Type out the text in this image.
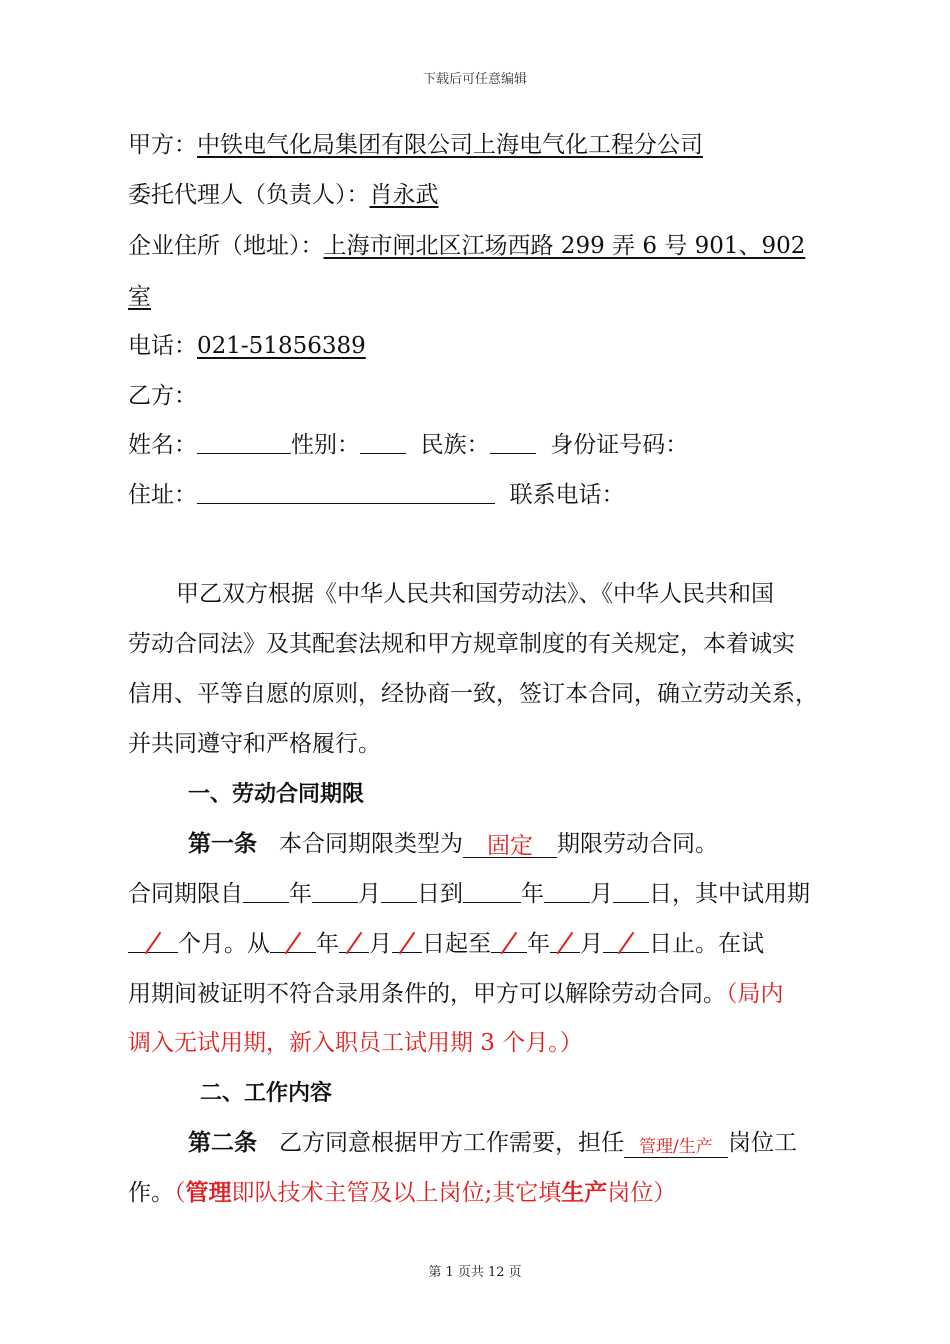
下载后可任意编辑
甲方：中铁电气化局集团有限公司上海电气化工程分公司
委托代理人（负责人）：肖永武
企业住所（地址）：上海市闸北区江场西路 299 弄 6 号 901、902
室
电话：021-51856389
乙方：
姓名：	性别：	民族：	身份证号码：
住址：	联系电话：
甲乙双方根据《中华人民共和国劳动法》、《中华人民共和国
劳动合同法》及其配套法规和甲方规章制度的有关规定，本着诚实
信用、平等自愿的原则，经协商一致，签订本合同，确立劳动关系，
并共同遵守和严格履行。
一、劳动合同期限
第一条 本合同期限类型为 固定 期限劳动合同。
合同期限自 年 月 日到	年 月 日，其中试用期
个月。从 年 月 日起至 年 月 日止。在试
用期间被证明不符合录用条件的，甲方可以解除劳动合同。（局内
调入无试用期，新入职员工试用期 3 个月。）
二、工作内容
第二条 乙方同意根据甲方工作需要，担任 管理/生产 岗位工
作。（管理即队技术主管及以上岗位;其它填生产岗位）
第 1 页共 12 页
